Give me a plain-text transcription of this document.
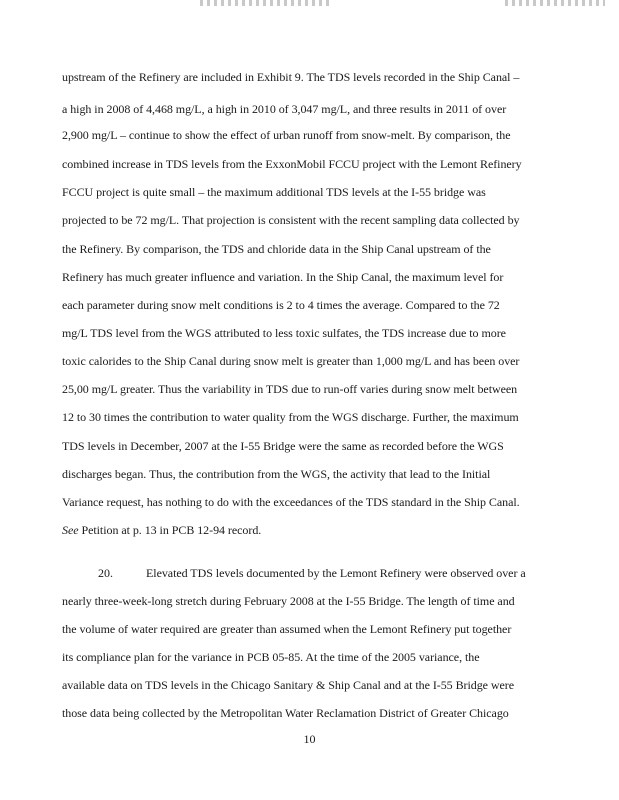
upstream of the Refinery are included in Exhibit 9. The TDS levels recorded in the Ship Canal –
a high in 2008 of 4,468 mg/L, a high in 2010 of 3,047 mg/L, and three results in 2011 of over
2,900 mg/L – continue to show the effect of urban runoff from snow-melt. By comparison, the
combined increase in TDS levels from the ExxonMobil FCCU project with the Lemont Refinery
FCCU project is quite small – the maximum additional TDS levels at the I-55 bridge was
projected to be 72 mg/L. That projection is consistent with the recent sampling data collected by
the Refinery. By comparison, the TDS and chloride data in the Ship Canal upstream of the
Refinery has much greater influence and variation. In the Ship Canal, the maximum level for
each parameter during snow melt conditions is 2 to 4 times the average. Compared to the 72
mg/L TDS level from the WGS attributed to less toxic sulfates, the TDS increase due to more
toxic calorides to the Ship Canal during snow melt is greater than 1,000 mg/L and has been over
25,00 mg/L greater. Thus the variability in TDS due to run-off varies during snow melt between
12 to 30 times the contribution to water quality from the WGS discharge. Further, the maximum
TDS levels in December, 2007 at the I-55 Bridge were the same as recorded before the WGS
discharges began. Thus, the contribution from the WGS, the activity that lead to the Initial
Variance request, has nothing to do with the exceedances of the TDS standard in the Ship Canal.
See Petition at p. 13 in PCB 12-94 record.
20.	Elevated TDS levels documented by the Lemont Refinery were observed over a
nearly three-week-long stretch during February 2008 at the I-55 Bridge. The length of time and
the volume of water required are greater than assumed when the Lemont Refinery put together
its compliance plan for the variance in PCB 05-85. At the time of the 2005 variance, the
available data on TDS levels in the Chicago Sanitary & Ship Canal and at the I-55 Bridge were
those data being collected by the Metropolitan Water Reclamation District of Greater Chicago
10
